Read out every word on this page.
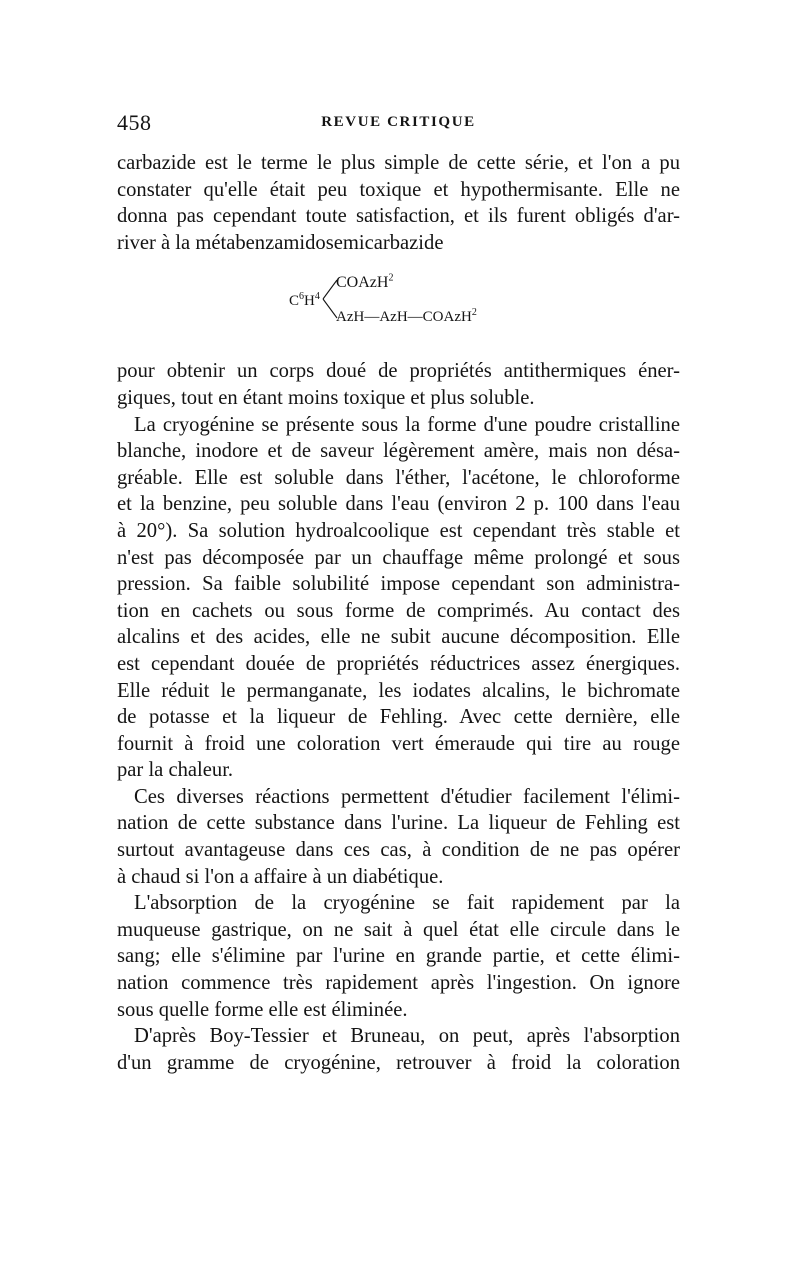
458	REVUE CRITIQUE
carbazide est le terme le plus simple de cette série, et l'on a pu
constater qu'elle était peu toxique et hypothermisante. Elle ne
donna pas cependant toute satisfaction, et ils furent obligés d'ar-
river à la métabenzamidosemicarbazide
$C^6H^4$
COAzH$^2$
AzH—AzH—COAzH$^2$
pour obtenir un corps doué de propriétés antithermiques éner-
giques, tout en étant moins toxique et plus soluble.
La cryogénine se présente sous la forme d'une poudre cristalline
blanche, inodore et de saveur légèrement amère, mais non désa-
gréable. Elle est soluble dans l'éther, l'acétone, le chloroforme
et la benzine, peu soluble dans l'eau (environ 2 p. 100 dans l'eau
à 20°). Sa solution hydroalcoolique est cependant très stable et
n'est pas décomposée par un chauffage même prolongé et sous
pression. Sa faible solubilité impose cependant son administra-
tion en cachets ou sous forme de comprimés. Au contact des
alcalins et des acides, elle ne subit aucune décomposition. Elle
est cependant douée de propriétés réductrices assez énergiques.
Elle réduit le permanganate, les iodates alcalins, le bichromate
de potasse et la liqueur de Fehling. Avec cette dernière, elle
fournit à froid une coloration vert émeraude qui tire au rouge
par la chaleur.
Ces diverses réactions permettent d'étudier facilement l'élimi-
nation de cette substance dans l'urine. La liqueur de Fehling est
surtout avantageuse dans ces cas, à condition de ne pas opérer
à chaud si l'on a affaire à un diabétique.
L'absorption de la cryogénine se fait rapidement par la
muqueuse gastrique, on ne sait à quel état elle circule dans le
sang; elle s'élimine par l'urine en grande partie, et cette élimi-
nation commence très rapidement après l'ingestion. On ignore
sous quelle forme elle est éliminée.
D'après Boy-Tessier et Bruneau, on peut, après l'absorption
d'un gramme de cryogénine, retrouver à froid la coloration
